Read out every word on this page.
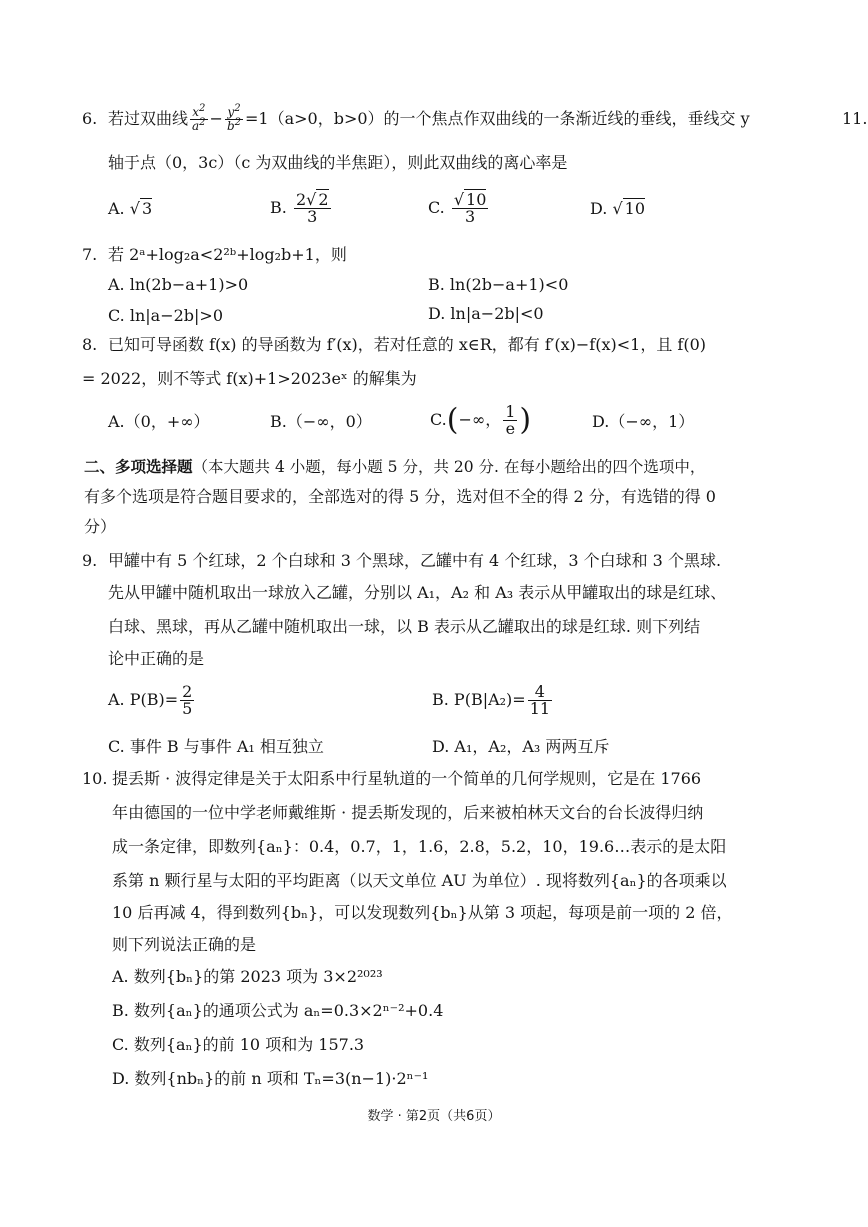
11.
6. 若过双曲线 $\frac{x^2}{a^2} - \frac{y^2}{b^2} =1(a>0$，b>0）的一个焦点作双曲线的一条渐近线的垂线，垂线交 y
轴于点（0，3c）（c 为双曲线的半焦距），则此双曲线的离心率是
A. √ 3	B. $\frac{2√ 2}{3}$	C. $\frac{√ 10}{3}$	D. √ 10
7. 若 2ᵃ+log₂a<2²ᵇ+log₂b+1，则
A. ln(2b−a+1)>0	B. ln(2b−a+1)<0
C. ln|a−2b|>0	D. ln|a−2b|<0
8. 已知可导函数 f(x) 的导函数为 f′(x)，若对任意的 x∈R，都有 f′(x)−f(x)<1，且 f(0)
= 2022，则不等式 f(x)+1>2023eˣ 的解集为
A.（0，+∞）	B.（−∞，0）	C.(−∞， $\frac{1}{e}$ )	D.（−∞，1）
二、多项选择题（本大题共 4 小题，每小题 5 分，共 20 分. 在每小题给出的四个选项中，
有多个选项是符合题目要求的，全部选对的得 5 分，选对但不全的得 2 分，有选错的得 0
分）
9. 甲罐中有 5 个红球，2 个白球和 3 个黑球，乙罐中有 4 个红球，3 个白球和 3 个黑球.
先从甲罐中随机取出一球放入乙罐，分别以 A₁，A₂ 和 A₃ 表示从甲罐取出的球是红球、
白球、黑球，再从乙罐中随机取出一球，以 B 表示从乙罐取出的球是红球. 则下列结
论中正确的是
A. $P(B)= \frac{2}{5}$	B. $P(B|A_2)= \frac{4}{11}$
C. 事件 B 与事件 A₁ 相互独立	D. A₁，A₂，A₃ 两两互斥
10. 提丢斯 · 波得定律是关于太阳系中行星轨道的一个简单的几何学规则，它是在 1766
年由德国的一位中学老师戴维斯 · 提丢斯发现的，后来被柏林天文台的台长波得归纳
成一条定律，即数列{aₙ}：0.4，0.7，1，1.6，2.8，5.2，10，19.6…表示的是太阳
系第 n 颗行星与太阳的平均距离（以天文单位 AU 为单位）. 现将数列{aₙ}的各项乘以
10 后再减 4，得到数列{bₙ}，可以发现数列{bₙ}从第 3 项起，每项是前一项的 2 倍，
则下列说法正确的是
A. 数列{bₙ}的第 2023 项为 3×2²⁰²³
B. 数列{aₙ}的通项公式为 aₙ=0.3×2ⁿ⁻²+0.4
C. 数列{aₙ}的前 10 项和为 157.3
D. 数列{nbₙ}的前 n 项和 Tₙ=3(n−1)·2ⁿ⁻¹
数学 · 第2页（共6页）
